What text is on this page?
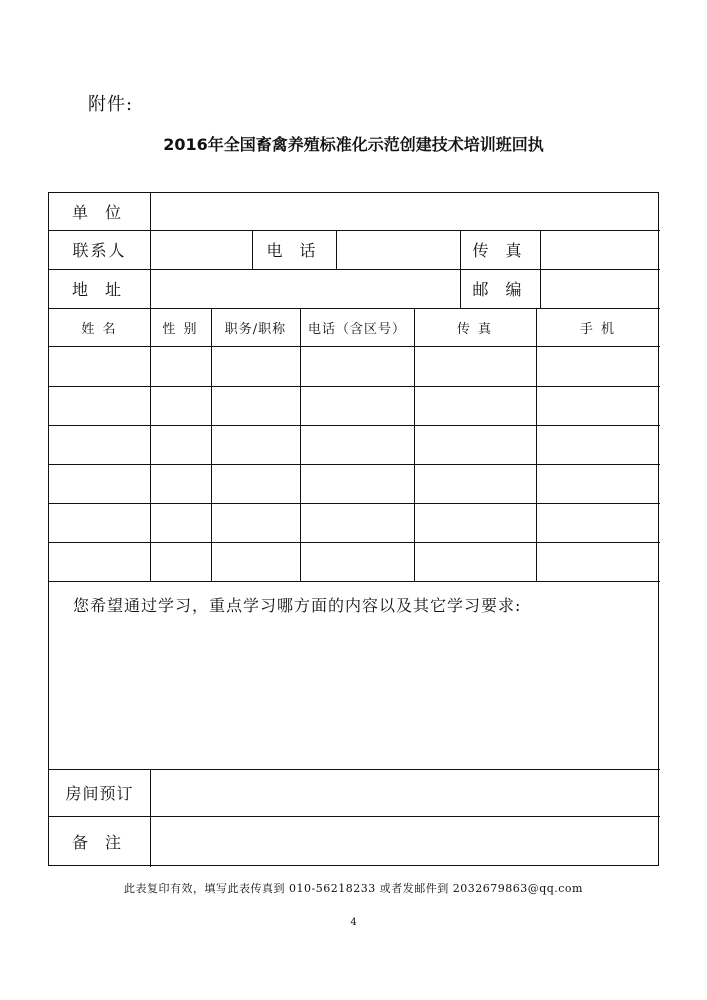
附件:
2016年全国畜禽养殖标准化示范创建技术培训班回执
单 位
联系人	电 话	传 真
地 址	邮 编
姓 名	性 别	职务/职称	电话（含区号）	传 真	手 机
您希望通过学习，重点学习哪方面的内容以及其它学习要求:
房间预订
备 注
此表复印有效，填写此表传真到 010-56218233 或者发邮件到 2032679863@qq.com
4
